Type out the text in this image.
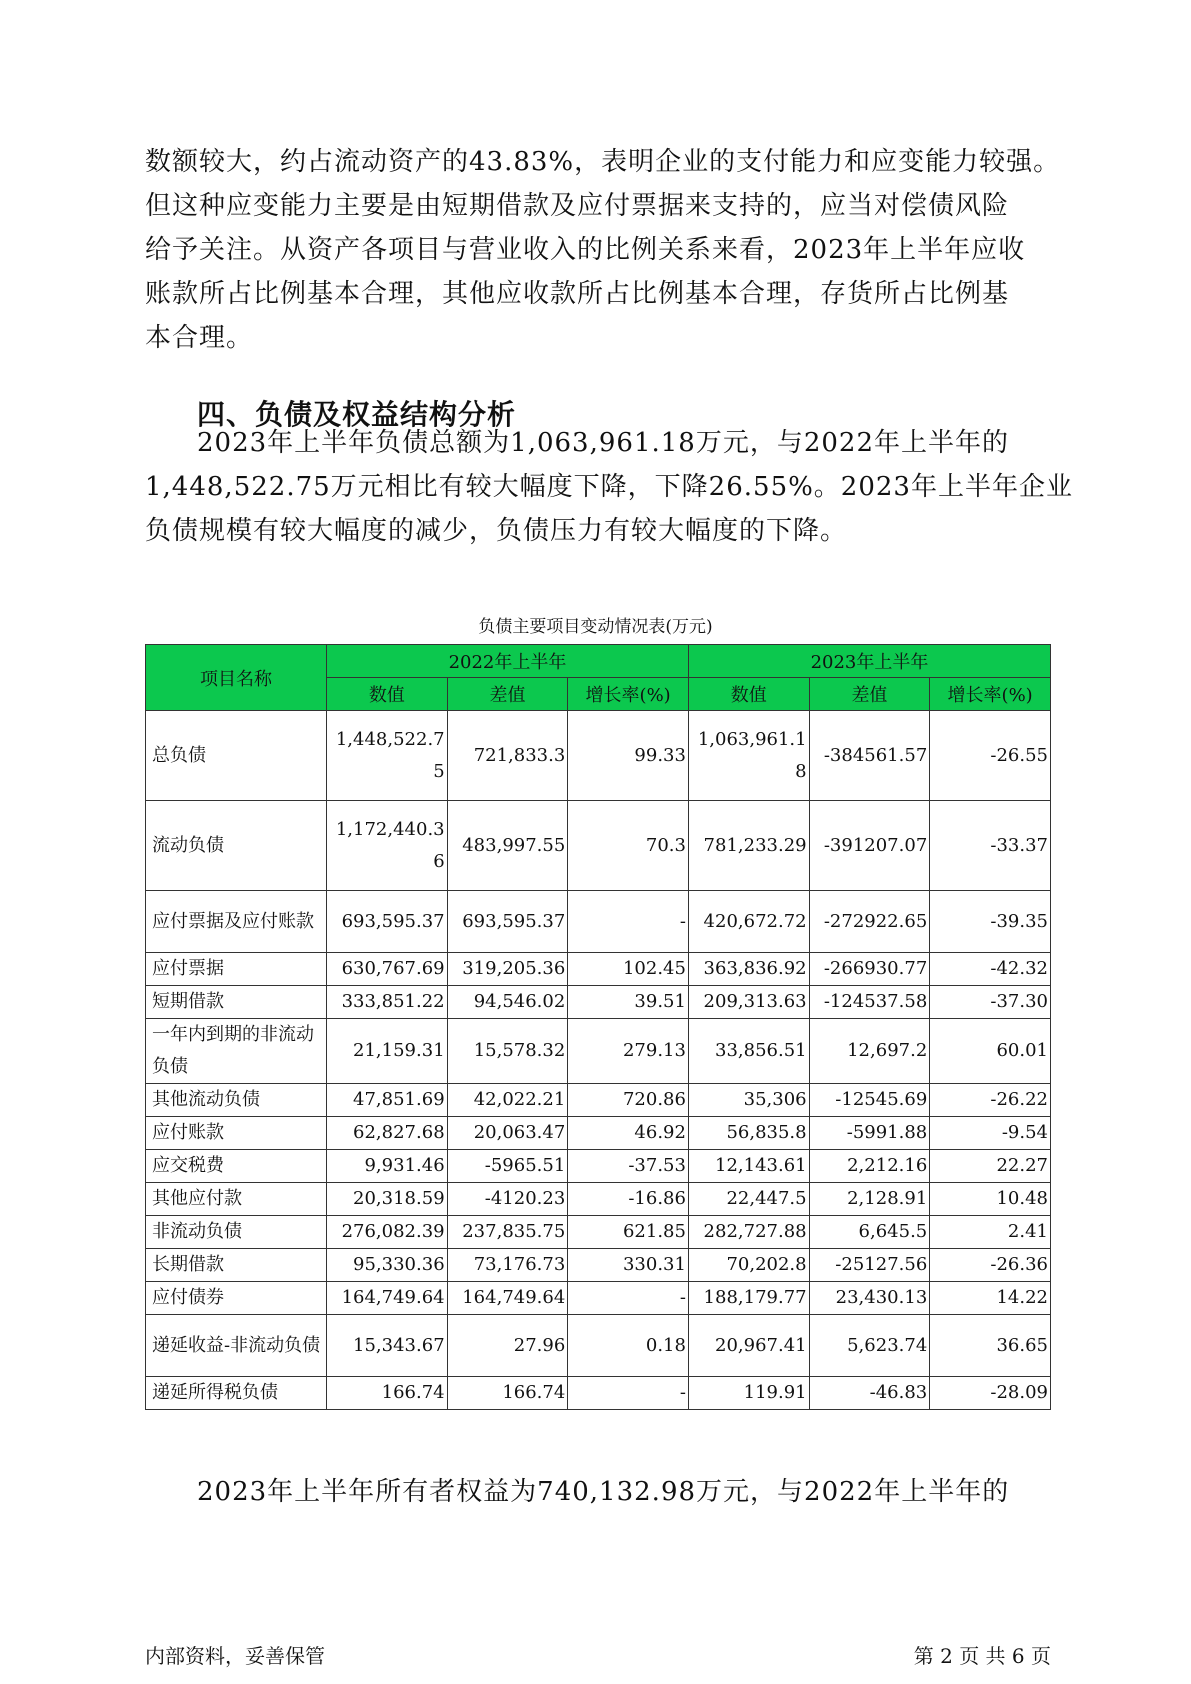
数额较大，约占流动资产的43.83%，表明企业的支付能力和应变能力较强。
但这种应变能力主要是由短期借款及应付票据来支持的，应当对偿债风险
给予关注。从资产各项目与营业收入的比例关系来看，2023年上半年应收
账款所占比例基本合理，其他应收款所占比例基本合理，存货所占比例基
本合理。
四、负债及权益结构分析
2023年上半年负债总额为1,063,961.18万元，与2022年上半年的
1,448,522.75万元相比有较大幅度下降，下降26.55%。2023年上半年企业
负债规模有较大幅度的减少，负债压力有较大幅度的下降。

负债主要项目变动情况表(万元)

项目名称	2022年上半年			2023年上半年		
	数值	差值	增长率(%)	数值	差值	增长率(%)
总负债	1,448,522.75	721,833.3	99.33	1,063,961.18	-384561.57	-26.55
流动负债	1,172,440.36	483,997.55	70.3	781,233.29	-391207.07	-33.37
应付票据及应付账款	693,595.37	693,595.37	-	420,672.72	-272922.65	-39.35
应付票据	630,767.69	319,205.36	102.45	363,836.92	-266930.77	-42.32
短期借款	333,851.22	94,546.02	39.51	209,313.63	-124537.58	-37.30
一年内到期的非流动负债	21,159.31	15,578.32	279.13	33,856.51	12,697.2	60.01
其他流动负债	47,851.69	42,022.21	720.86	35,306	-12545.69	-26.22
应付账款	62,827.68	20,063.47	46.92	56,835.8	-5991.88	-9.54
应交税费	9,931.46	-5965.51	-37.53	12,143.61	2,212.16	22.27
其他应付款	20,318.59	-4120.23	-16.86	22,447.5	2,128.91	10.48
非流动负债	276,082.39	237,835.75	621.85	282,727.88	6,645.5	2.41
长期借款	95,330.36	73,176.73	330.31	70,202.8	-25127.56	-26.36
应付债券	164,749.64	164,749.64	-	188,179.77	23,430.13	14.22
递延收益-非流动负债	15,343.67	27.96	0.18	20,967.41	5,623.74	36.65
递延所得税负债	166.74	166.74	-	119.91	-46.83	-28.09
2023年上半年所有者权益为740,132.98万元，与2022年上半年的

内部资料，妥善保管	第 2 页 共 6 页
